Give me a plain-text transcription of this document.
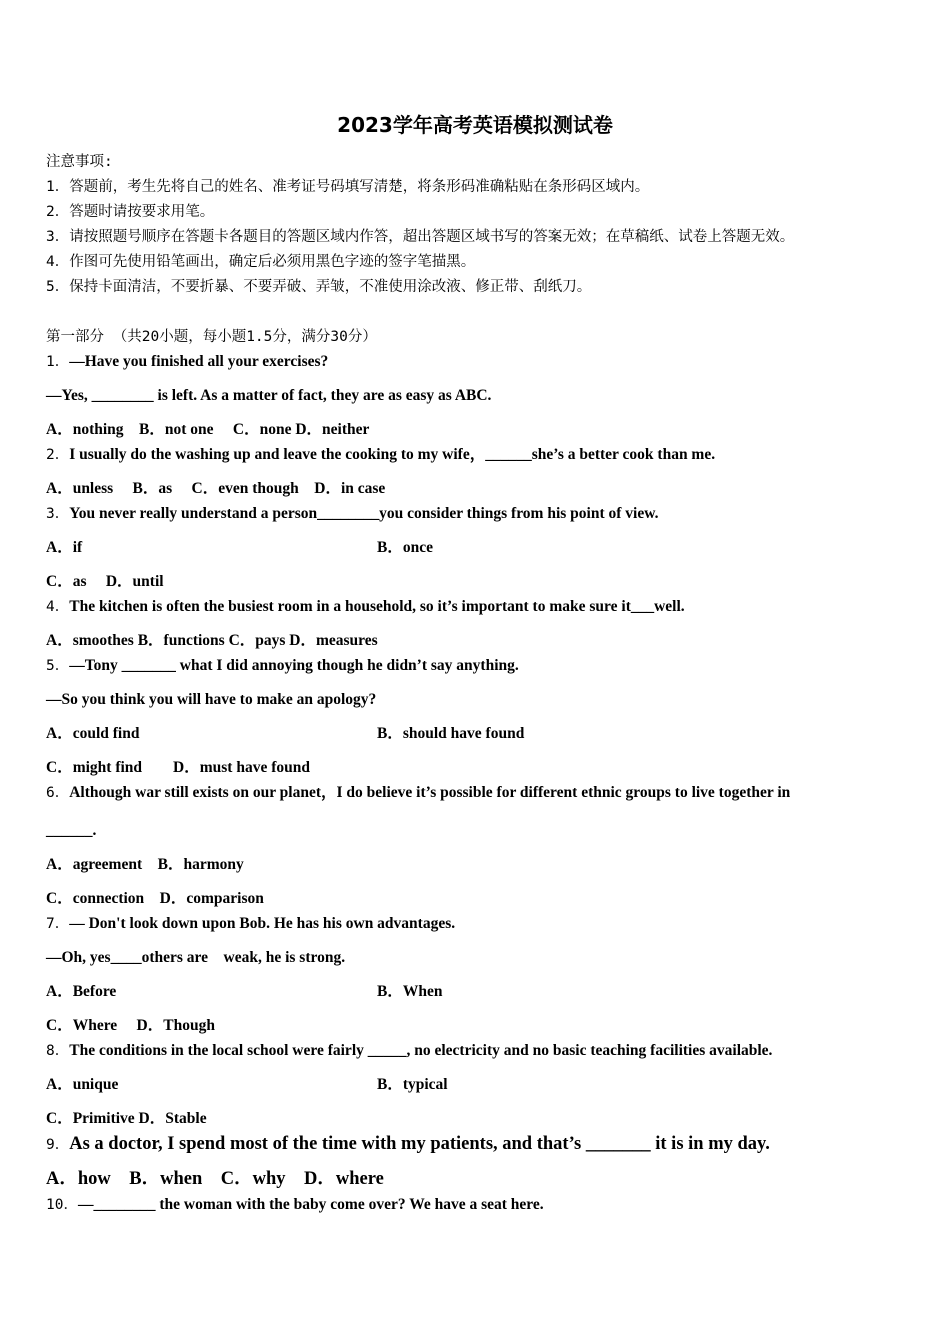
2023学年高考英语模拟测试卷
注意事项:
1．答题前，考生先将自己的姓名、准考证号码填写清楚，将条形码准确粘贴在条形码区域内。
2．答题时请按要求用笔。
3．请按照题号顺序在答题卡各题目的答题区域内作答，超出答题区域书写的答案无效；在草稿纸、试卷上答题无效。
4．作图可先使用铅笔画出，确定后必须用黑色字迹的签字笔描黑。
5．保持卡面清洁，不要折暴、不要弄破、弄皱，不准使用涂改液、修正带、刮纸刀。
第一部分 （共20小题，每小题1.5分，满分30分）
1．—Have you finished all your exercises?
—Yes, ________ is left. As a matter of fact, they are as easy as ABC.
A．nothing　B．not one　 C．none D．neither
2．I usually do the washing up and leave the cooking to my wife，______she’s a better cook than me.
A．unless　 B．as　 C．even though　D．in case
3．You never really understand a person________you consider things from his point of view.
A．if	B．once
C．as　 D．until
4．The kitchen is often the busiest room in a household, so it’s important to make sure it___well.
A．smoothes B．functions C．pays D．measures
5．—Tony _______ what I did annoying though he didn’t say anything.
—So you think you will have to make an apology?
A．could find	B．should have found
C．might find　　D．must have found
6．Although war still exists on our planet，I do believe it’s possible for different ethnic groups to live together in
______.
A．agreement　B．harmony
C．connection　D．comparison
7．— Don't look down upon Bob. He has his own advantages.
—Oh, yes____others are　weak, he is strong.
A．Before	B．When
C．Where　 D．Though
8．The conditions in the local school were fairly _____, no electricity and no basic teaching facilities available.
A．unique	B．typical
C．Primitive D．Stable
9．As a doctor, I spend most of the time with my patients, and that’s _______ it is in my day.
A．how　B．when　C．why　D．where
10．—________ the woman with the baby come over? We have a seat here.
